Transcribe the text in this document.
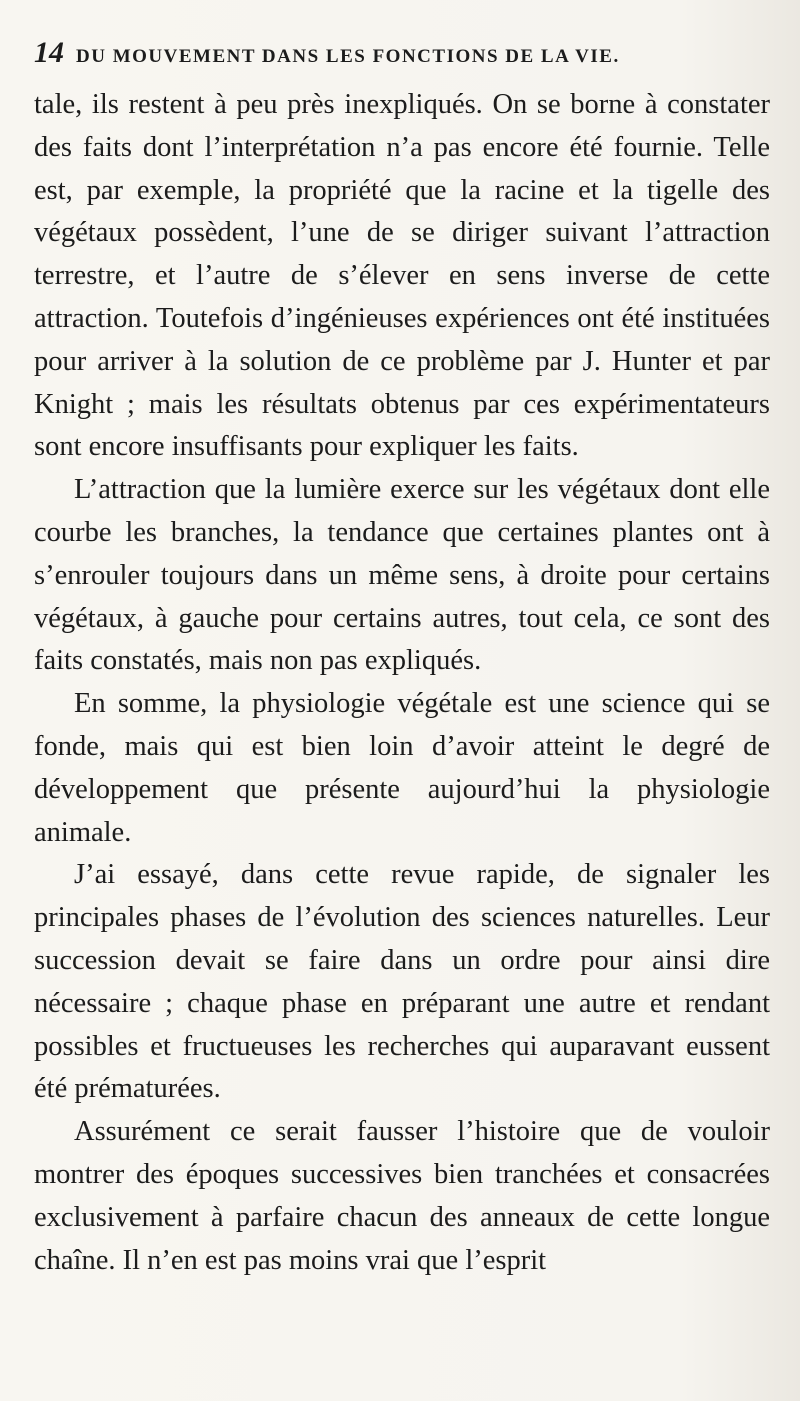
14 DU MOUVEMENT DANS LES FONCTIONS DE LA VIE.

tale, ils restent à peu près inexpliqués. On se borne à constater des faits dont l’interprétation n’a pas encore été fournie. Telle est, par exemple, la propriété que la racine et la tigelle des végétaux possèdent, l’une de se diriger suivant l’attraction terrestre, et l’autre de s’élever en sens inverse de cette attraction. Toutefois d’ingénieuses expériences ont été instituées pour arriver à la solution de ce problème par J. Hunter et par Knight ; mais les résultats obtenus par ces expérimentateurs sont encore insuffisants pour expliquer les faits.

L’attraction que la lumière exerce sur les végétaux dont elle courbe les branches, la tendance que certaines plantes ont à s’enrouler toujours dans un même sens, à droite pour certains végétaux, à gauche pour certains autres, tout cela, ce sont des faits constatés, mais non pas expliqués.

En somme, la physiologie végétale est une science qui se fonde, mais qui est bien loin d’avoir atteint le degré de développement que présente aujourd’hui la physiologie animale.

J’ai essayé, dans cette revue rapide, de signaler les principales phases de l’évolution des sciences naturelles. Leur succession devait se faire dans un ordre pour ainsi dire nécessaire ; chaque phase en préparant une autre et rendant possibles et fructueuses les recherches qui auparavant eussent été prématurées.

Assurément ce serait fausser l’histoire que de vouloir montrer des époques successives bien tranchées et consacrées exclusivement à parfaire chacun des anneaux de cette longue chaîne. Il n’en est pas moins vrai que l’esprit
